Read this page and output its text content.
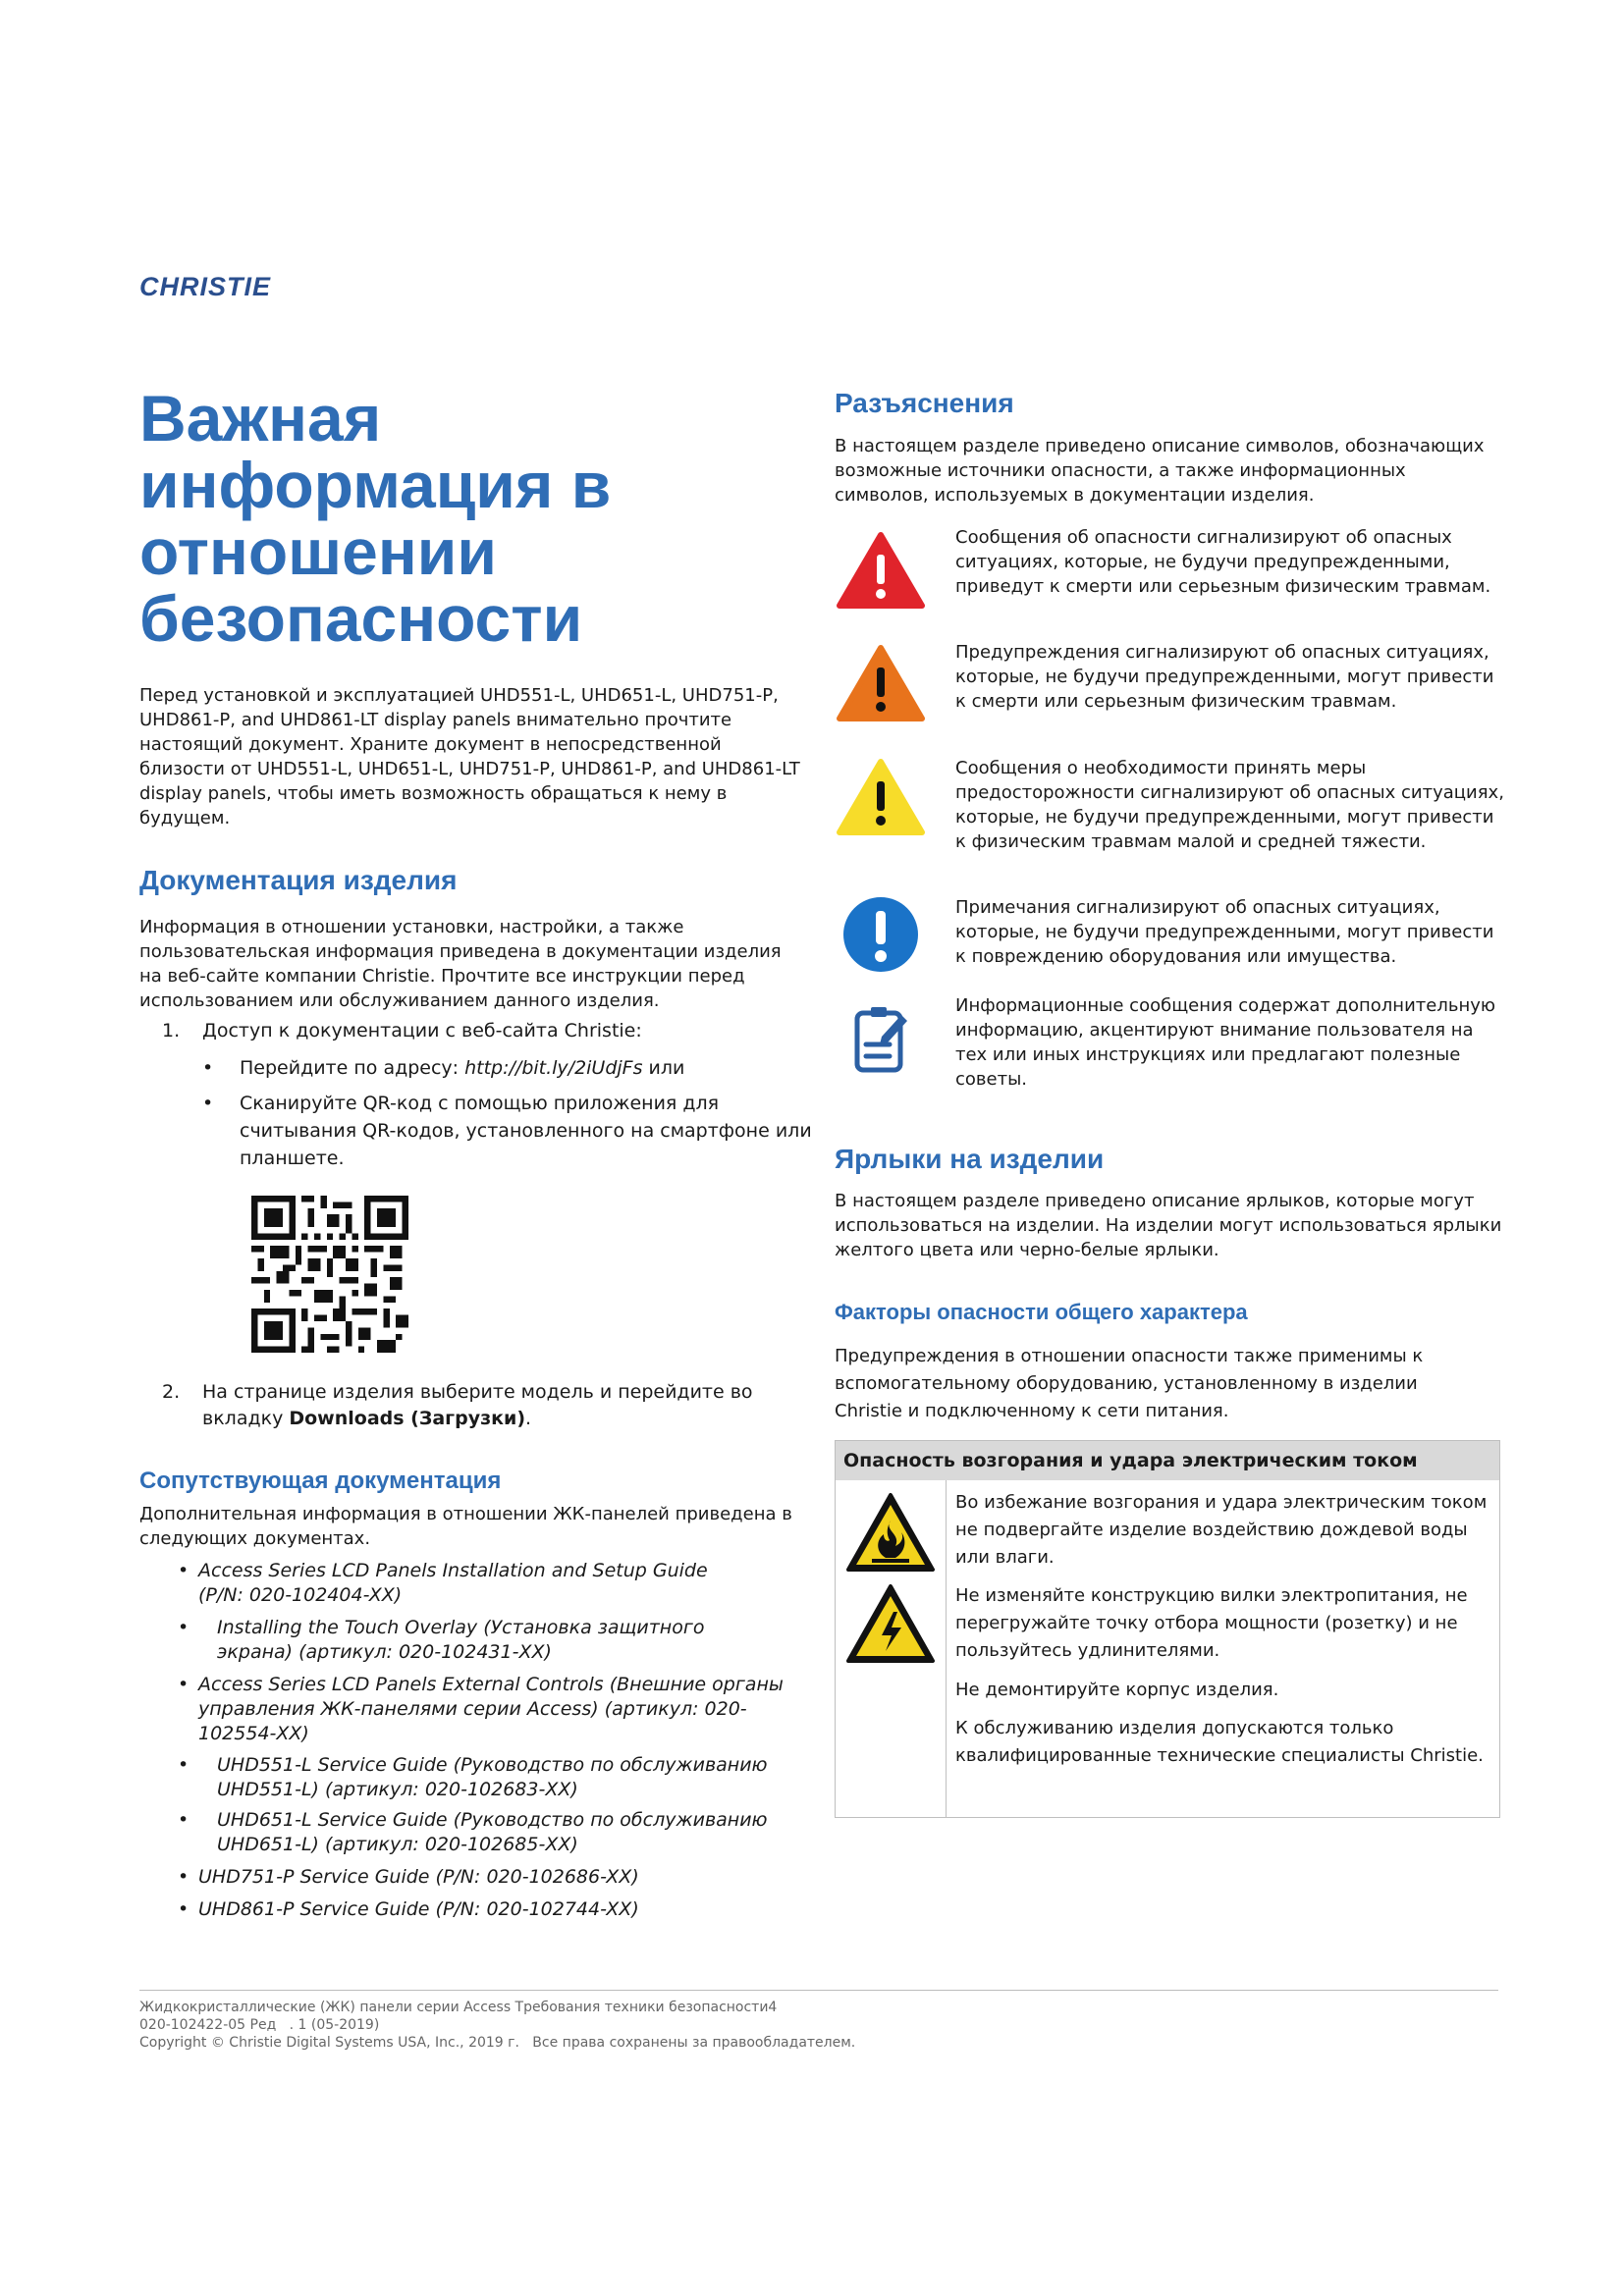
CHRISTIE
Важная информация в отношении безопасности

Перед установкой и эксплуатацией UHD551-L, UHD651-L, UHD751-P, UHD861-P, and UHD861-LT display panels внимательно прочтите настоящий документ. Храните документ в непосредственной близости от UHD551-L, UHD651-L, UHD751-P, UHD861-P, and UHD861-LT display panels, чтобы иметь возможность обращаться к нему в будущем.

Документация изделия

Информация в отношении установки, настройки, а также пользовательская информация приведена в документации изделия на веб-сайте компании Christie. Прочтите все инструкции перед использованием или обслуживанием данного изделия.

1. Доступ к документации с веб-сайта Christie:
• Перейдите по адресу: http://bit.ly/2iUdjFs или
• Сканируйте QR-код с помощью приложения для считывания QR-кодов, установленного на смартфоне или планшете.
2. На странице изделия выберите модель и перейдите во вкладку Downloads (Загрузки).
Сопутствующая документация

Дополнительная информация в отношении ЖК-панелей приведена в следующих документах.

• Access Series LCD Panels Installation and Setup Guide (P/N: 020-102404-XX)
• Installing the Touch Overlay (Установка защитного экрана) (артикул: 020-102431-XX)
• Access Series LCD Panels External Controls (Внешние органы управления ЖК-панелями серии Access) (артикул: 020-102554-XX)
• UHD551-L Service Guide (Руководство по обслуживанию UHD551-L) (артикул: 020-102683-XX)
• UHD651-L Service Guide (Руководство по обслуживанию UHD651-L) (артикул: 020-102685-XX)
• UHD751-P Service Guide (P/N: 020-102686-XX)
• UHD861-P Service Guide (P/N: 020-102744-XX)
Разъяснения

В настоящем разделе приведено описание символов, обозначающих возможные источники опасности, а также информационных символов, используемых в документации изделия.

Сообщения об опасности сигнализируют об опасных ситуациях, которые, не будучи предупрежденными, приведут к смерти или серьезным физическим травмам.

Предупреждения сигнализируют об опасных ситуациях, которые, не будучи предупрежденными, могут привести к смерти или серьезным физическим травмам.

Сообщения о необходимости принять меры предосторожности сигнализируют об опасных ситуациях, которые, не будучи предупрежденными, могут привести к физическим травмам малой и средней тяжести.

Примечания сигнализируют об опасных ситуациях, которые, не будучи предупрежденными, могут привести к повреждению оборудования или имущества.

Информационные сообщения содержат дополнительную информацию, акцентируют внимание пользователя на тех или иных инструкциях или предлагают полезные советы.

Ярлыки на изделии

В настоящем разделе приведено описание ярлыков, которые могут использоваться на изделии. На изделии могут использоваться ярлыки желтого цвета или черно-белые ярлыки.

Факторы опасности общего характера

Предупреждения в отношении опасности также применимы к вспомогательному оборудованию, установленному в изделии Christie и подключенному к сети питания.

Опасность возгорания и удара электрическим током

Во избежание возгорания и удара электрическим током не подвергайте изделие воздействию дождевой воды или влаги.

Не изменяйте конструкцию вилки электропитания, не перегружайте точку отбора мощности (розетку) и не пользуйтесь удлинителями.

Не демонтируйте корпус изделия.

К обслуживанию изделия допускаются только квалифицированные технические специалисты Christie.

Жидкокристаллические (ЖК) панели серии Access Требования техники безопасности4
020-102422-05 Ред   . 1 (05-2019)
Copyright © Christie Digital Systems USA, Inc., 2019 г.   Все права сохранены за правообладателем.
